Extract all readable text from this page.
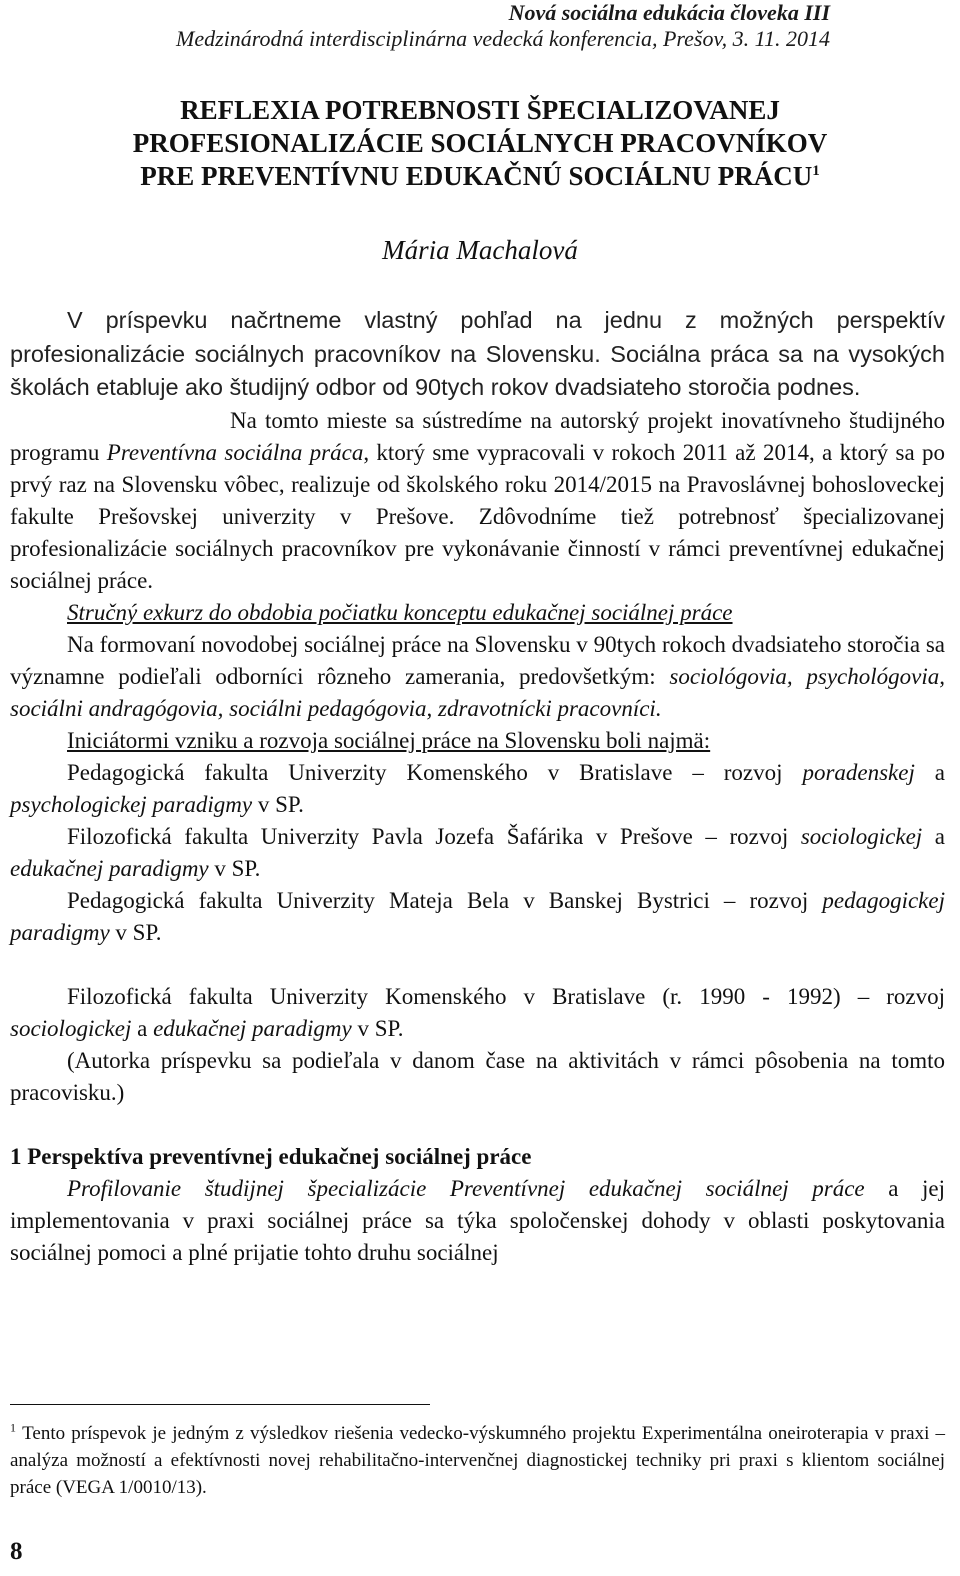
Nová sociálna edukácia človeka III
Medzinárodná interdisciplinárna vedecká konferencia, Prešov, 3. 11. 2014
REFLEXIA POTREBNOSTI ŠPECIALIZOVANEJ
PROFESIONALIZÁCIE SOCIÁLNYCH PRACOVNÍKOV
PRE PREVENTÍVNU EDUKAČNÚ SOCIÁLNU PRÁCU$^1$
Mária Machalová

V príspevku načrtneme vlastný pohľad na jednu z možných perspektív profesionalizácie sociálnych pracovníkov na Slovensku. Sociálna práca sa na vysokých školách etabluje ako študijný odbor od 90tych rokov dvadsiateho storočia podnes.

Na tomto mieste sa sústredíme na autorský projekt inovatívneho študijného programu Preventívna sociálna práca, ktorý sme vypracovali v rokoch 2011 až 2014, a ktorý sa po prvý raz na Slovensku vôbec, realizuje od školského roku 2014/2015 na Pravoslávnej bohosloveckej fakulte Prešovskej univerzity v Prešove. Zdôvodníme tiež potrebnosť špecializovanej profesionalizácie sociálnych pracovníkov pre vykonávanie činností v rámci preventívnej edukačnej sociálnej práce.

Stručný exkurz do obdobia počiatku konceptu edukačnej sociálnej práce

Na formovaní novodobej sociálnej práce na Slovensku v 90tych rokoch dvadsiateho storočia sa významne podieľali odborníci rôzneho zamerania, predovšetkým: sociológovia, psychológovia, sociálni andragógovia, sociálni pedagógovia, zdravotnícki pracovníci.

Iniciátormi vzniku a rozvoja sociálnej práce na Slovensku boli najmä:

Pedagogická fakulta Univerzity Komenského v Bratislave – rozvoj poradenskej a psychologickej paradigmy v SP.

Filozofická fakulta Univerzity Pavla Jozefa Šafárika v Prešove – rozvoj sociologickej a edukačnej paradigmy v SP.

Pedagogická fakulta Univerzity Mateja Bela v Banskej Bystrici – rozvoj pedagogickej paradigmy v SP.

Filozofická fakulta Univerzity Komenského v Bratislave (r. 1990 - 1992) – rozvoj sociologickej a edukačnej paradigmy v SP.

(Autorka príspevku sa podieľala v danom čase na aktivitách v rámci pôsobenia na tomto pracovisku.)

1 Perspektíva preventívnej edukačnej sociálnej práce

Profilovanie študijnej špecializácie Preventívnej edukačnej sociálnej práce a jej implementovania v praxi sociálnej práce sa týka spoločenskej dohody v oblasti poskytovania sociálnej pomoci a plné prijatie tohto druhu sociálnej

$^1$ Tento príspevok je jedným z výsledkov riešenia vedecko-výskumného projektu Experimentálna oneiroterapia v praxi – analýza možností a efektívnosti novej rehabilitačno-intervenčnej diagnostickej techniky pri praxi s klientom sociálnej práce (VEGA 1/0010/13).

8
